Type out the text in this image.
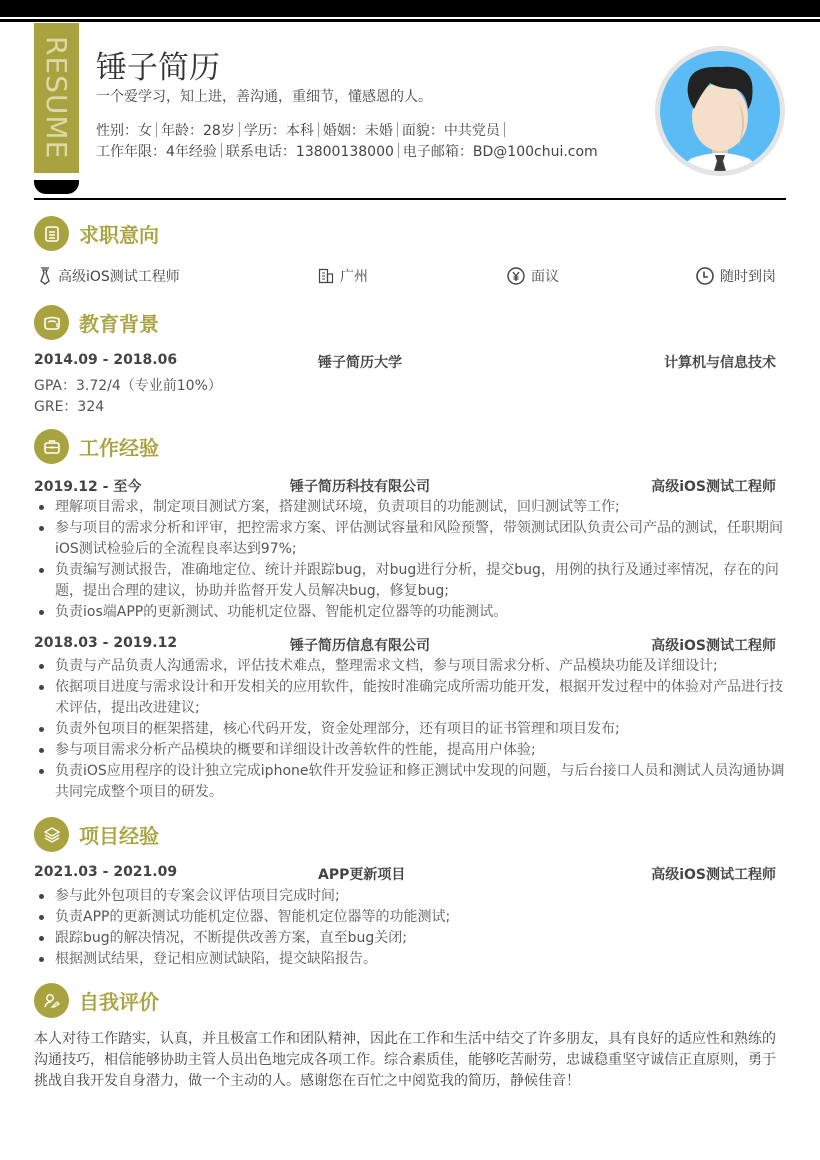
RESUME 锤子简历
一个爱学习，知上进，善沟通，重细节，懂感恩的人。
性别：女 年龄：28岁 学历：本科 婚姻：未婚 面貌：中共党员
工作年限：4年经验 联系电话：13800138000 电子邮箱：BD@100chui.com
求职意向
高级iOS测试工程师	广州	面议	随时到岗
教育背景
2014.09 - 2018.06	锤子简历大学	计算机与信息技术
GPA：3.72/4（专业前10%）
GRE：324
工作经验
2019.12 - 至今	锤子简历科技有限公司	高级iOS测试工程师
理解项目需求，制定项目测试方案，搭建测试环境，负责项目的功能测试，回归测试等工作;
参与项目的需求分析和评审，把控需求方案、评估测试容量和风险预警，带领测试团队负责公司产品的测试，任职期间iOS测试检验后的全流程良率达到97%;
负责编写测试报告，准确地定位、统计并跟踪bug，对bug进行分析，提交bug，用例的执行及通过率情况，存在的问题，提出合理的建议，协助并监督开发人员解决bug，修复bug;
负责ios端APP的更新测试、功能机定位器、智能机定位器等的功能测试。
2018.03 - 2019.12	锤子简历信息有限公司	高级iOS测试工程师
负责与产品负责人沟通需求，评估技术难点，整理需求文档，参与项目需求分析、产品模块功能及详细设计;
依据项目进度与需求设计和开发相关的应用软件，能按时准确完成所需功能开发，根据开发过程中的体验对产品进行技术评估，提出改进建议;
负责外包项目的框架搭建，核心代码开发，资金处理部分，还有项目的证书管理和项目发布;
参与项目需求分析产品模块的概要和详细设计改善软件的性能，提高用户体验;
负责iOS应用程序的设计独立完成iphone软件开发验证和修正测试中发现的问题，与后台接口人员和测试人员沟通协调共同完成整个项目的研发。
项目经验
2021.03 - 2021.09	APP更新项目	高级iOS测试工程师
参与此外包项目的专案会议评估项目完成时间;
负责APP的更新测试功能机定位器、智能机定位器等的功能测试;
跟踪bug的解决情况，不断提供改善方案，直至bug关闭;
根据测试结果，登记相应测试缺陷，提交缺陷报告。
自我评价
本人对待工作踏实，认真，并且极富工作和团队精神，因此在工作和生活中结交了许多朋友，具有良好的适应性和熟练的沟通技巧，相信能够协助主管人员出色地完成各项工作。综合素质佳，能够吃苦耐劳，忠诚稳重坚守诚信正直原则，勇于挑战自我开发自身潜力，做一个主动的人。感谢您在百忙之中阅览我的简历，静候佳音！
